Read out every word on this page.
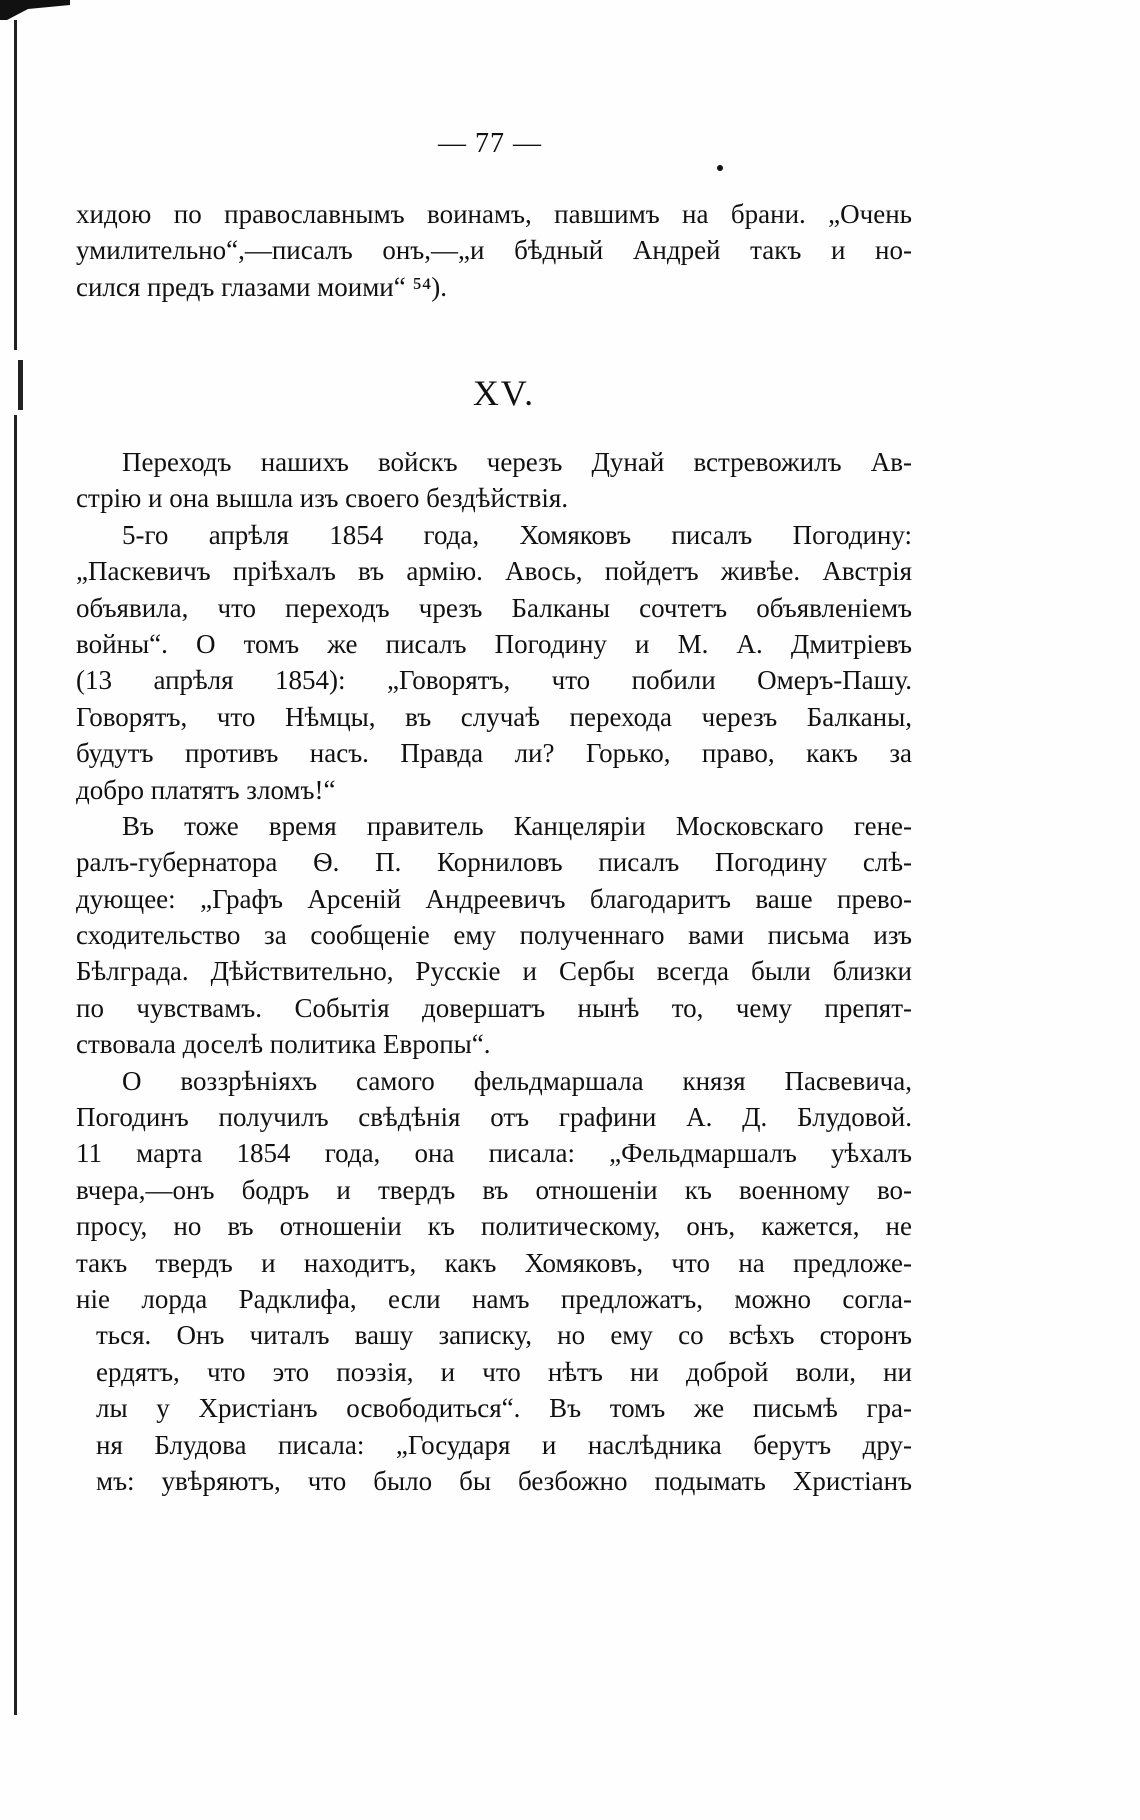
— 77 —
хидою по православнымъ воинамъ, павшимъ на брани. „Очень
умилительно“,—писалъ онъ,—„и бѣдный Андрей такъ и но-
сился предъ глазами моими“ ⁵⁴).
XV.
Переходъ нашихъ войскъ черезъ Дунай встревожилъ Ав-
стрію и она вышла изъ своего бездѣйствія.
5-го апрѣля 1854 года, Хомяковъ писалъ Погодину:
„Паскевичъ пріѣхалъ въ армію. Авось, пойдетъ живѣе. Австрія
объявила, что переходъ чрезъ Балканы сочтетъ объявленіемъ
войны“. О томъ же писалъ Погодину и М. А. Дмитріевъ
(13 апрѣля 1854): „Говорятъ, что побили Омеръ-Пашу.
Говорятъ, что Нѣмцы, въ случаѣ перехода черезъ Балканы,
будутъ противъ насъ. Правда ли? Горько, право, какъ за
добро платятъ зломъ!“
Въ тоже время правитель Канцеляріи Московскаго гене-
ралъ-губернатора Ѳ. П. Корниловъ писалъ Погодину слѣ-
дующее: „Графъ Арсеній Андреевичъ благодаритъ ваше прево-
сходительство за сообщеніе ему полученнаго вами письма изъ
Бѣлграда. Дѣйствительно, Русскіе и Сербы всегда были близки
по чувствамъ. Событія довершатъ нынѣ то, чему препят-
ствовала доселѣ политика Европы“.
О воззрѣніяхъ самого фельдмаршала князя Пасвевича,
Погодинъ получилъ свѣдѣнія отъ графини А. Д. Блудовой.
11 марта 1854 года, она писала: „Фельдмаршалъ уѣхалъ
вчера,—онъ бодръ и твердъ въ отношеніи къ военному во-
просу, но въ отношеніи къ политическому, онъ, кажется, не
такъ твердъ и находитъ, какъ Хомяковъ, что на предложе-
ніе лорда Радклифа, если намъ предложатъ, можно согла-
ться. Онъ читалъ вашу записку, но ему со всѣхъ сторонъ
ердятъ, что это поэзія, и что нѣтъ ни доброй воли, ни
лы у Христіанъ освободиться“. Въ томъ же письмѣ гра-
ня Блудова писала: „Государя и наслѣдника берутъ дру-
мъ: увѣряютъ, что было бы безбожно подымать Христіанъ
